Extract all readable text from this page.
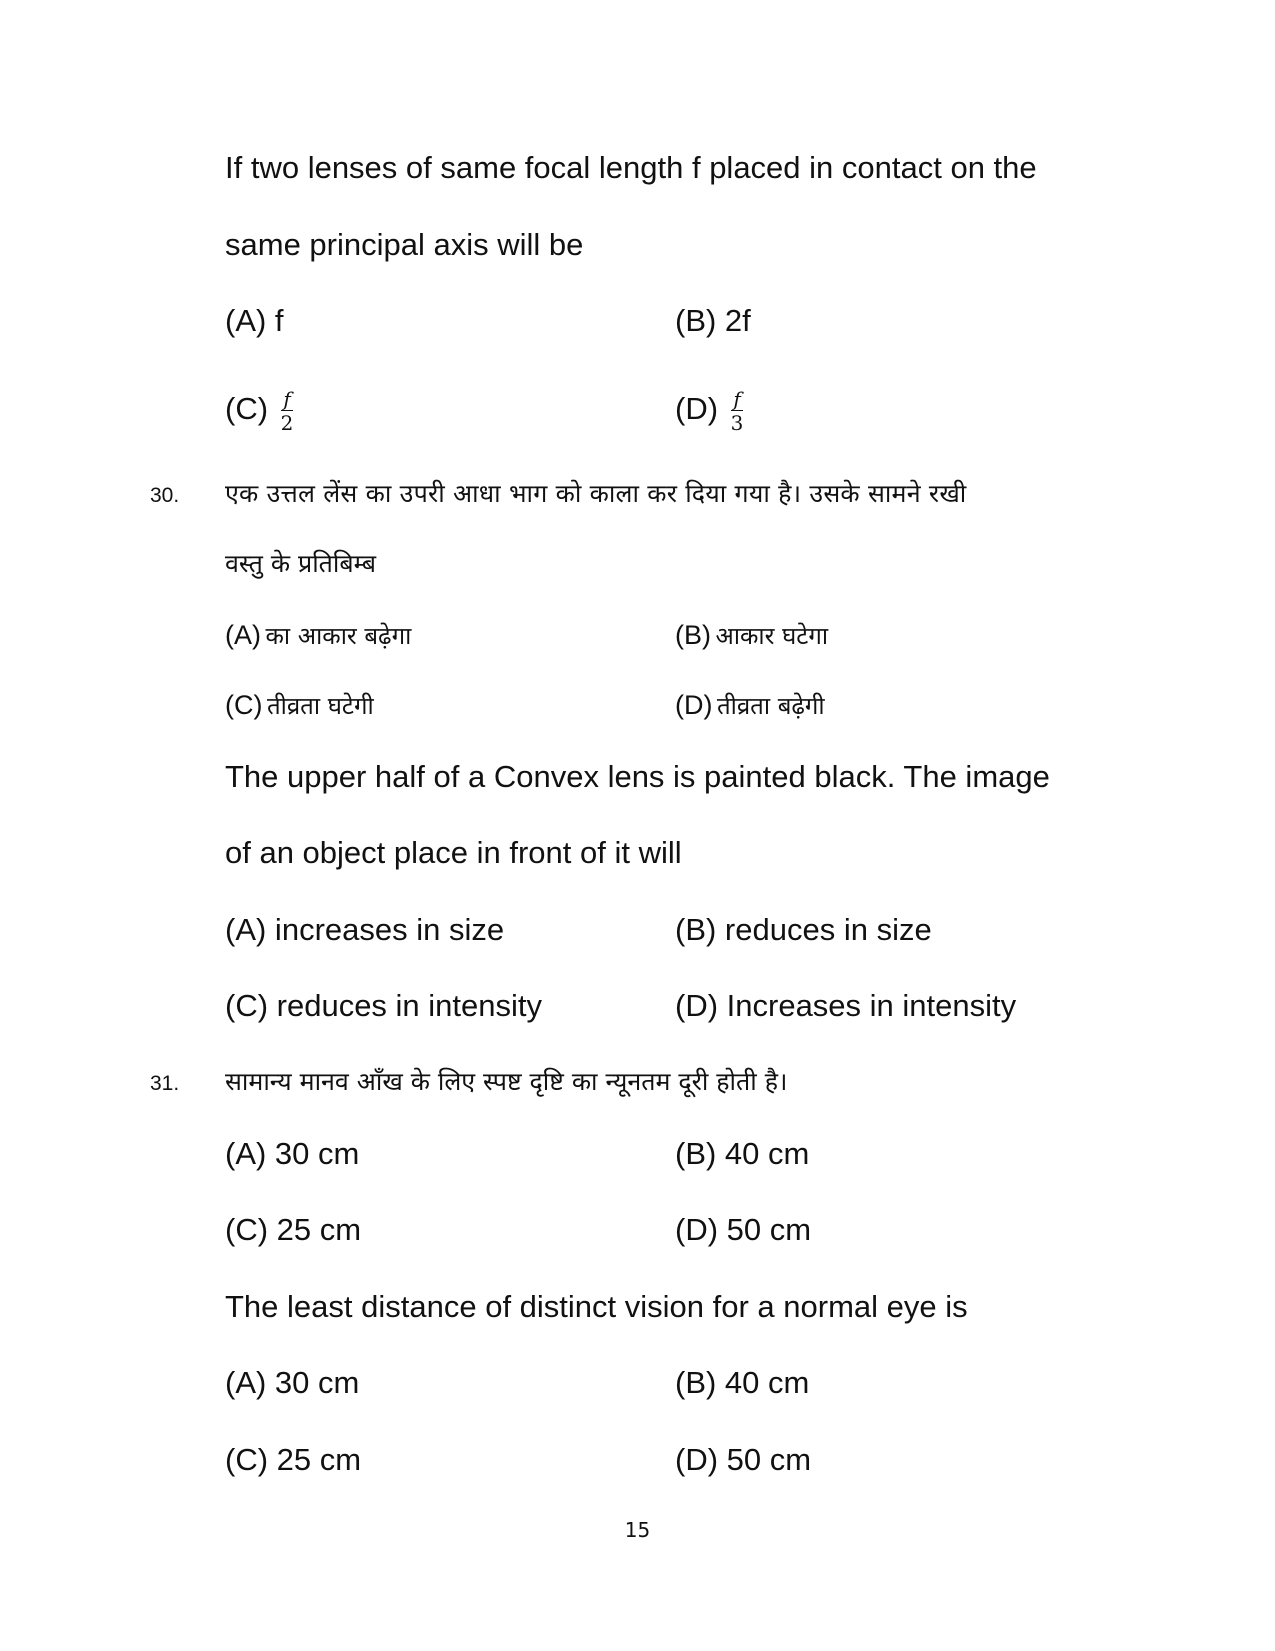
If two lenses of same focal length f placed in contact on the
same principal axis will be
(A) f	(B) 2f
$(C) \frac{f}{2}$	$(D) \frac{f}{3}$
30. एक उत्तल लेंस का उपरी आधा भाग को काला कर दिया गया है। उसके सामने रखी
वस्तु के प्रतिबिम्ब
(A) का आकार बढ़ेगा	(B) आकार घटेगा
(C) तीव्रता घटेगी	(D) तीव्रता बढ़ेगी
The upper half of a Convex lens is painted black. The image
of an object place in front of it will
(A) increases in size	(B) reduces in size
(C) reduces in intensity	(D) Increases in intensity
31. सामान्य मानव आँख के लिए स्पष्ट दृष्टि का न्यूनतम दूरी होती है।
(A) 30 cm	(B) 40 cm
(C) 25 cm	(D) 50 cm
The least distance of distinct vision for a normal eye is
(A) 30 cm	(B) 40 cm
(C) 25 cm	(D) 50 cm
15
